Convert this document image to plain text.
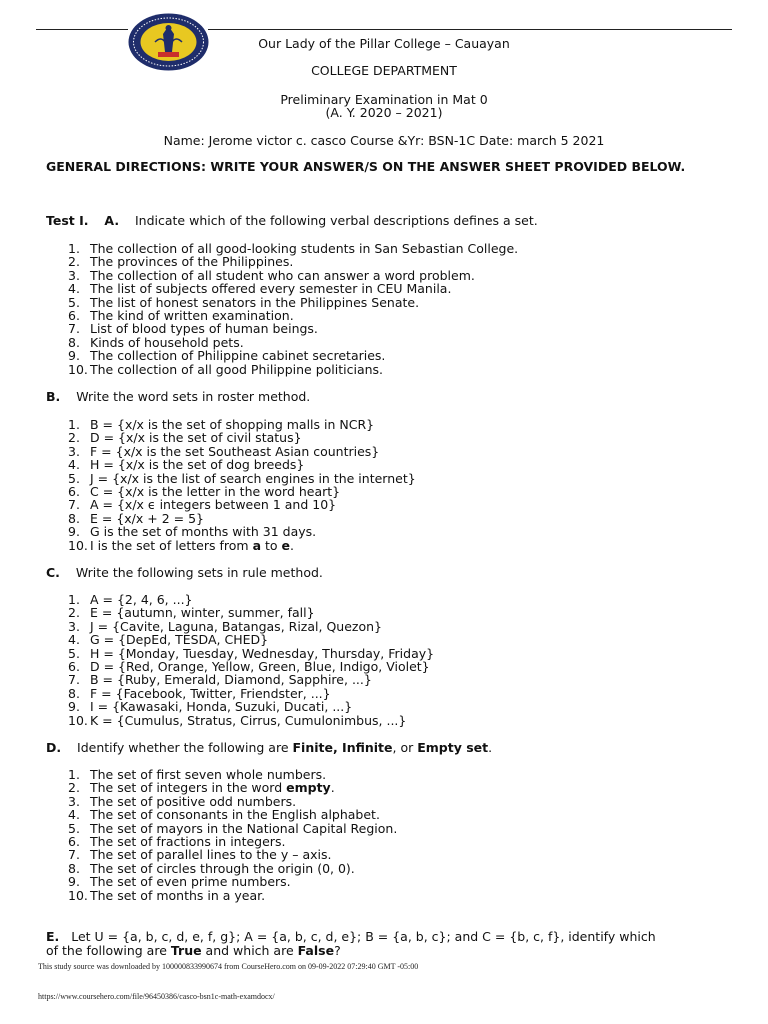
Our Lady of the Pillar College – Cauayan

COLLEGE DEPARTMENT

Preliminary Examination in Mat 0

(A. Y. 2020 – 2021)

Name: Jerome victor c. casco Course &Yr: BSN-1C Date: march 5 2021

GENERAL DIRECTIONS: WRITE YOUR ANSWER/S ON THE ANSWER SHEET PROVIDED BELOW.

Test I. A. Indicate which of the following verbal descriptions defines a set.

1. The collection of all good-looking students in San Sebastian College.
2. The provinces of the Philippines.
3. The collection of all student who can answer a word problem.
4. The list of subjects offered every semester in CEU Manila.
5. The list of honest senators in the Philippines Senate.
6. The kind of written examination.
7. List of blood types of human beings.
8. Kinds of household pets.
9. The collection of Philippine cabinet secretaries.
10. The collection of all good Philippine politicians.

B. Write the word sets in roster method.

1. B = {x/x is the set of shopping malls in NCR}
2. D = {x/x is the set of civil status}
3. F = {x/x is the set Southeast Asian countries}
4. H = {x/x is the set of dog breeds}
5. J = {x/x is the list of search engines in the internet}
6. C = {x/x is the letter in the word heart}
7. A = {x/x ϵ integers between 1 and 10}
8. E = {x/x + 2 = 5}
9. G is the set of months with 31 days.
10. I is the set of letters from a to e.

C. Write the following sets in rule method.

1. A = {2, 4, 6, ...}
2. E = {autumn, winter, summer, fall}
3. J = {Cavite, Laguna, Batangas, Rizal, Quezon}
4. G = {DepEd, TESDA, CHED}
5. H = {Monday, Tuesday, Wednesday, Thursday, Friday}
6. D = {Red, Orange, Yellow, Green, Blue, Indigo, Violet}
7. B = {Ruby, Emerald, Diamond, Sapphire, ...}
8. F = {Facebook, Twitter, Friendster, ...}
9. I = {Kawasaki, Honda, Suzuki, Ducati, ...}
10. K = {Cumulus, Stratus, Cirrus, Cumulonimbus, ...}

D. Identify whether the following are Finite, Infinite, or Empty set.

1. The set of first seven whole numbers.
2. The set of integers in the word empty.
3. The set of positive odd numbers.
4. The set of consonants in the English alphabet.
5. The set of mayors in the National Capital Region.
6. The set of fractions in integers.
7. The set of parallel lines to the y – axis.
8. The set of circles through the origin (0, 0).
9. The set of even prime numbers.
10. The set of months in a year.

E. Let U = {a, b, c, d, e, f, g}; A = {a, b, c, d, e}; B = {a, b, c}; and C = {b, c, f}, identify which
of the following are True and which are False?

This study source was downloaded by 100000833990674 from CourseHero.com on 09-09-2022 07:29:40 GMT -05:00

https://www.coursehero.com/file/96450386/casco-bsn1c-math-examdocx/
